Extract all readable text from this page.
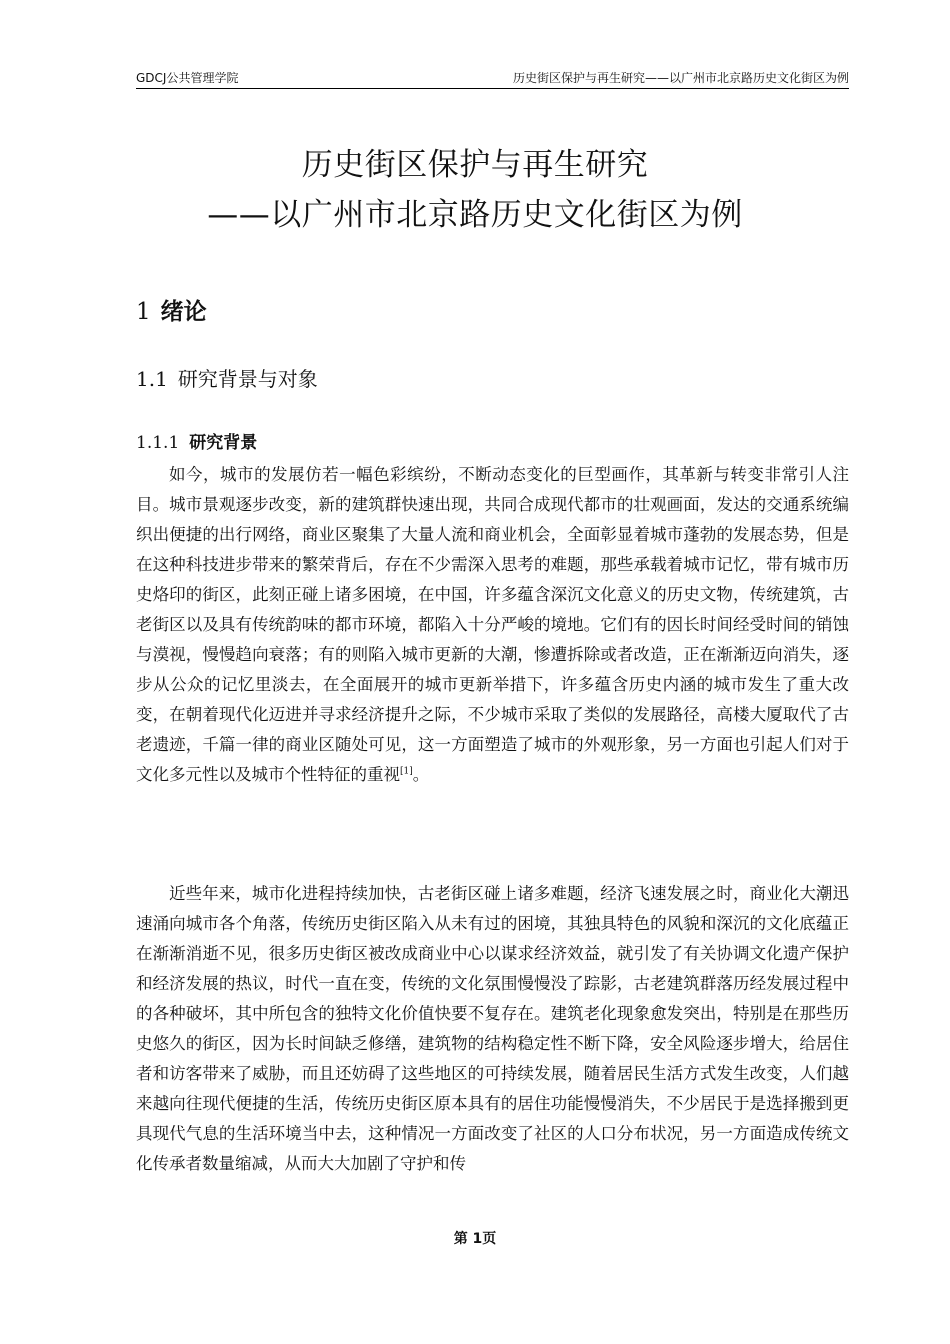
GDCJ公共管理学院	历史街区保护与再生研究——以广州市北京路历史文化街区为例
历史街区保护与再生研究
——以广州市北京路历史文化街区为例
1 绪论
1.1 研究背景与对象
1.1.1 研究背景

如今，城市的发展仿若一幅色彩缤纷，不断动态变化的巨型画作，其革新与转变非常引人注目。城市景观逐步改变，新的建筑群快速出现，共同合成现代都市的壮观画面，发达的交通系统编织出便捷的出行网络，商业区聚集了大量人流和商业机会，全面彰显着城市蓬勃的发展态势，但是在这种科技进步带来的繁荣背后，存在不少需深入思考的难题，那些承载着城市记忆，带有城市历史烙印的街区，此刻正碰上诸多困境，在中国，许多蕴含深沉文化意义的历史文物，传统建筑，古老街区以及具有传统韵味的都市环境，都陷入十分严峻的境地。它们有的因长时间经受时间的销蚀与漠视，慢慢趋向衰落；有的则陷入城市更新的大潮，惨遭拆除或者改造，正在渐渐迈向消失，逐步从公众的记忆里淡去，在全面展开的城市更新举措下，许多蕴含历史内涵的城市发生了重大改变，在朝着现代化迈进并寻求经济提升之际，不少城市采取了类似的发展路径，高楼大厦取代了古老遗迹，千篇一律的商业区随处可见，这一方面塑造了城市的外观形象，另一方面也引起人们对于文化多元性以及城市个性特征的重视[1]。

近些年来，城市化进程持续加快，古老街区碰上诸多难题，经济飞速发展之时，商业化大潮迅速涌向城市各个角落，传统历史街区陷入从未有过的困境，其独具特色的风貌和深沉的文化底蕴正在渐渐消逝不见，很多历史街区被改成商业中心以谋求经济效益，就引发了有关协调文化遗产保护和经济发展的热议，时代一直在变，传统的文化氛围慢慢没了踪影，古老建筑群落历经发展过程中的各种破坏，其中所包含的独特文化价值快要不复存在。建筑老化现象愈发突出，特别是在那些历史悠久的街区，因为长时间缺乏修缮，建筑物的结构稳定性不断下降，安全风险逐步增大，给居住者和访客带来了威胁，而且还妨碍了这些地区的可持续发展，随着居民生活方式发生改变，人们越来越向往现代便捷的生活，传统历史街区原本具有的居住功能慢慢消失，不少居民于是选择搬到更具现代气息的生活环境当中去，这种情况一方面改变了社区的人口分布状况，另一方面造成传统文化传承者数量缩减，从而大大加剧了守护和传

第 1页
